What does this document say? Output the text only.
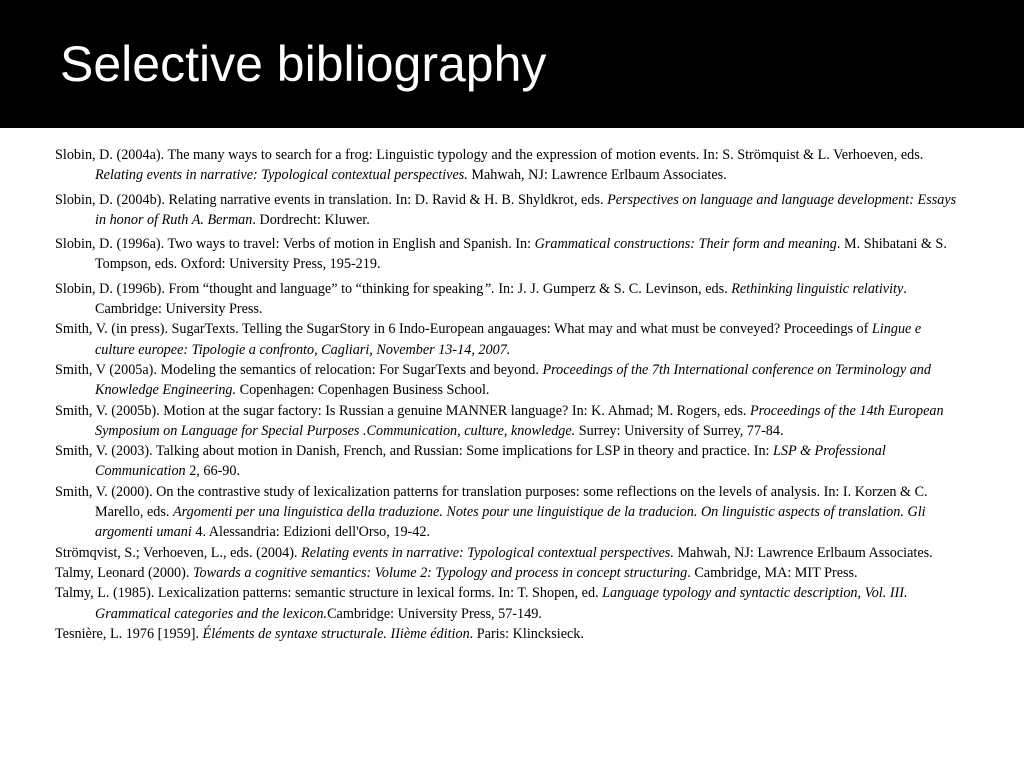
Selective bibliography

Slobin, D. (2004a). The many ways to search for a frog: Linguistic typology and the expression of motion events. In: S. Strömquist & L. Verhoeven, eds. Relating events in narrative: Typological contextual perspectives. Mahwah, NJ: Lawrence Erlbaum Associates.

Slobin, D. (2004b). Relating narrative events in translation. In: D. Ravid & H. B. Shyldkrot, eds. Perspectives on language and language development: Essays in honor of Ruth A. Berman. Dordrecht: Kluwer.

Slobin, D. (1996a). Two ways to travel: Verbs of motion in English and Spanish. In: Grammatical constructions: Their form and meaning. M. Shibatani & S. Tompson, eds. Oxford: University Press, 195-219.

Slobin, D. (1996b). From “thought and language” to “thinking for speaking”. In: J. J. Gumperz & S. C. Levinson, eds. Rethinking linguistic relativity. Cambridge: University Press.

Smith, V. (in press). SugarTexts. Telling the SugarStory in 6 Indo-European angauages: What may and what must be conveyed? Proceedings of Lingue e culture europee: Tipologie a confronto, Cagliari, November 13-14, 2007.

Smith, V (2005a). Modeling the semantics of relocation: For SugarTexts and beyond. Proceedings of the 7th International conference on Terminology and Knowledge Engineering. Copenhagen: Copenhagen Business School.

Smith, V. (2005b). Motion at the sugar factory: Is Russian a genuine MANNER language? In: K. Ahmad; M. Rogers, eds. Proceedings of the 14th European Symposium on Language for Special Purposes .Communication, culture, knowledge. Surrey: University of Surrey, 77-84.

Smith, V. (2003). Talking about motion in Danish, French, and Russian: Some implications for LSP in theory and practice. In: LSP & Professional Communication 2, 66-90.

Smith, V. (2000). On the contrastive study of lexicalization patterns for translation purposes: some reflections on the levels of analysis. In: I. Korzen & C. Marello, eds. Argomenti per una linguistica della traduzione. Notes pour une linguistique de la traducion. On linguistic aspects of translation. Gli argomenti umani 4. Alessandria: Edizioni dell'Orso, 19-42.

Strömqvist, S.; Verhoeven, L., eds. (2004). Relating events in narrative: Typological contextual perspectives. Mahwah, NJ: Lawrence Erlbaum Associates.

Talmy, Leonard (2000). Towards a cognitive semantics: Volume 2: Typology and process in concept structuring. Cambridge, MA: MIT Press.

Talmy, L. (1985). Lexicalization patterns: semantic structure in lexical forms. In: T. Shopen, ed. Language typology and syntactic description, Vol. III. Grammatical categories and the lexicon.Cambridge: University Press, 57-149.

Tesnière, L. 1976 [1959]. Éléments de syntaxe structurale. IIième édition. Paris: Klincksieck.
